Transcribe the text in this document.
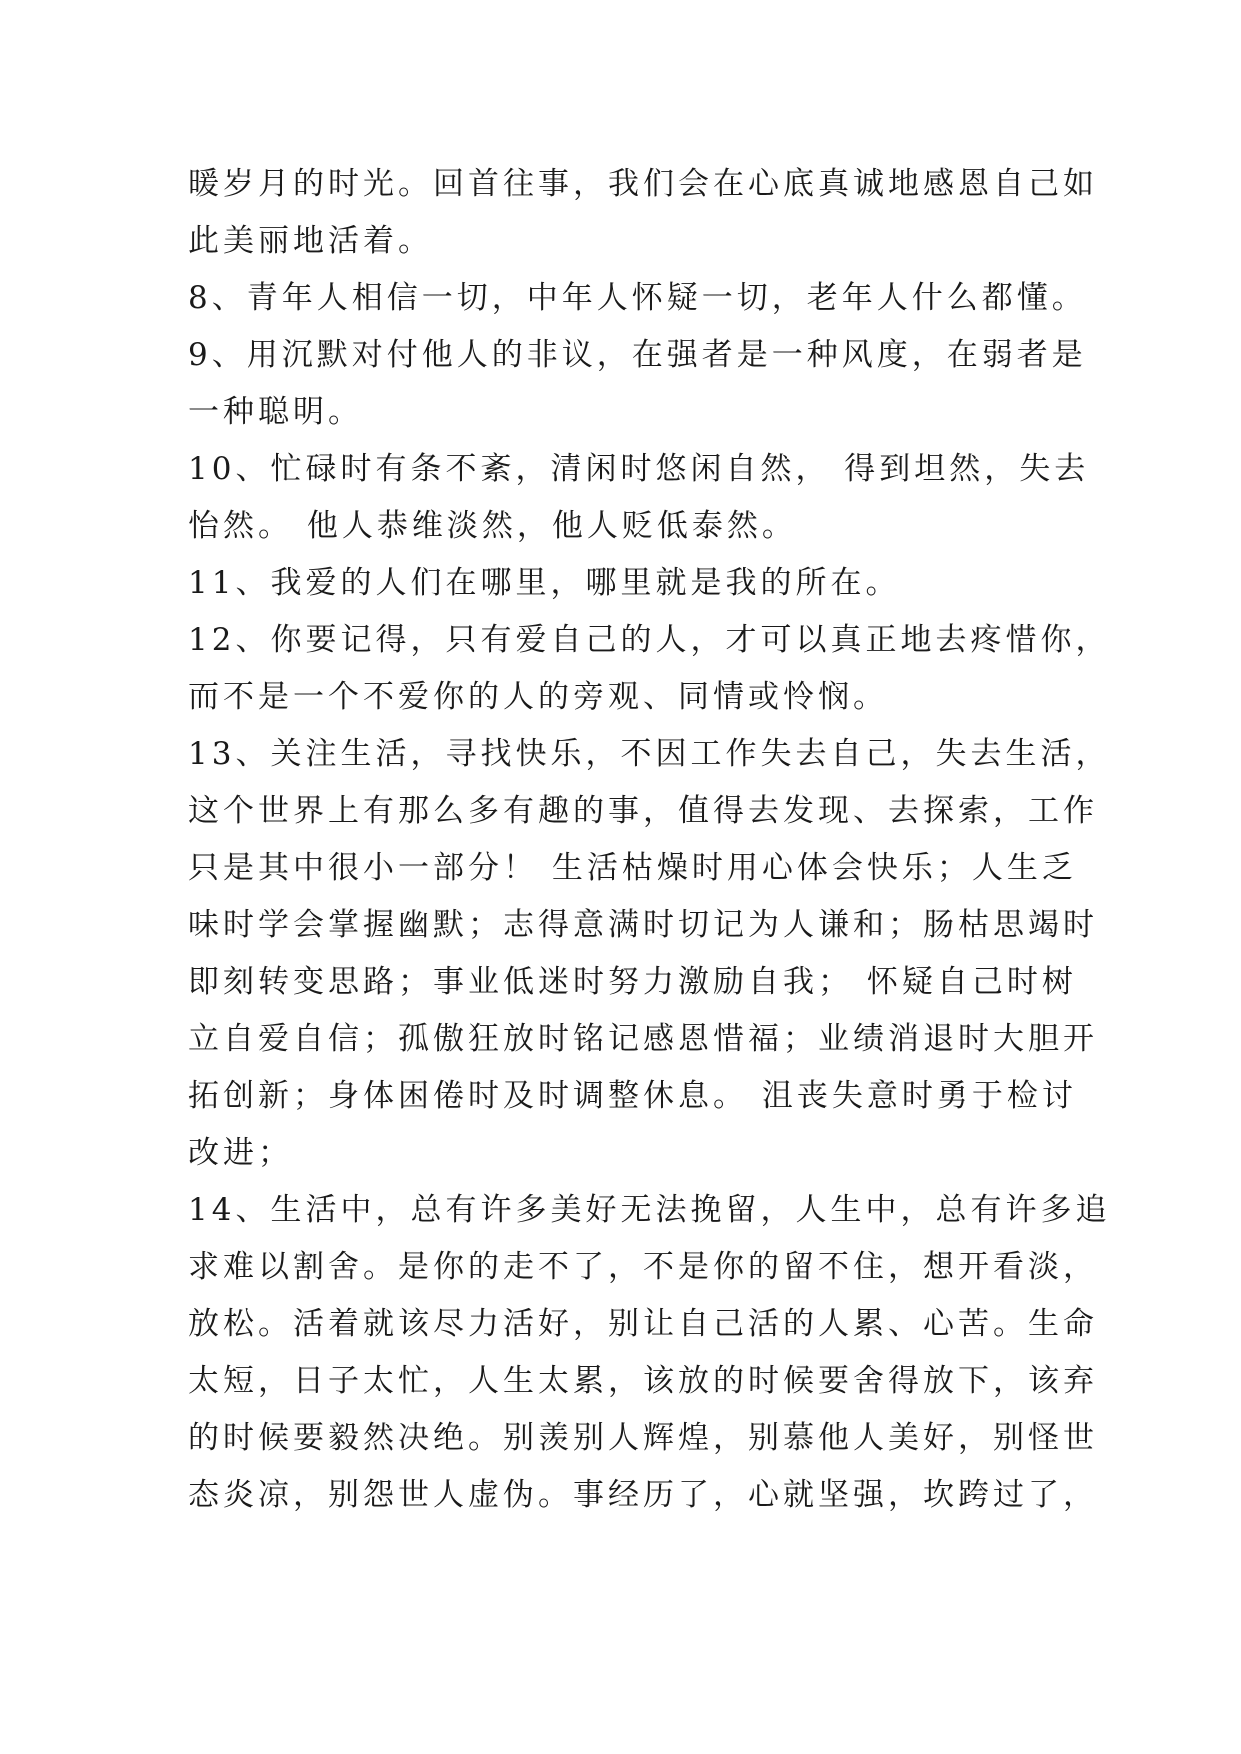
暖岁月的时光。回首往事，我们会在心底真诚地感恩自己如
此美丽地活着。
8、青年人相信一切，中年人怀疑一切，老年人什么都懂。
9、用沉默对付他人的非议，在强者是一种风度，在弱者是
一种聪明。
10、忙碌时有条不紊，清闲时悠闲自然， 得到坦然，失去
怡然。 他人恭维淡然，他人贬低泰然。
11、我爱的人们在哪里，哪里就是我的所在。
12、你要记得，只有爱自己的人，才可以真正地去疼惜你，
而不是一个不爱你的人的旁观、同情或怜悯。
13、关注生活，寻找快乐，不因工作失去自己，失去生活，
这个世界上有那么多有趣的事，值得去发现、去探索，工作
只是其中很小一部分！ 生活枯燥时用心体会快乐；人生乏
味时学会掌握幽默；志得意满时切记为人谦和；肠枯思竭时
即刻转变思路；事业低迷时努力激励自我； 怀疑自己时树
立自爱自信；孤傲狂放时铭记感恩惜福；业绩消退时大胆开
拓创新；身体困倦时及时调整休息。 沮丧失意时勇于检讨
改进；
14、生活中，总有许多美好无法挽留，人生中，总有许多追
求难以割舍。是你的走不了，不是你的留不住，想开看淡，
放松。活着就该尽力活好，别让自己活的人累、心苦。生命
太短，日子太忙，人生太累，该放的时候要舍得放下，该弃
的时候要毅然决绝。别羡别人辉煌，别慕他人美好，别怪世
态炎凉，别怨世人虚伪。事经历了，心就坚强，坎跨过了，
